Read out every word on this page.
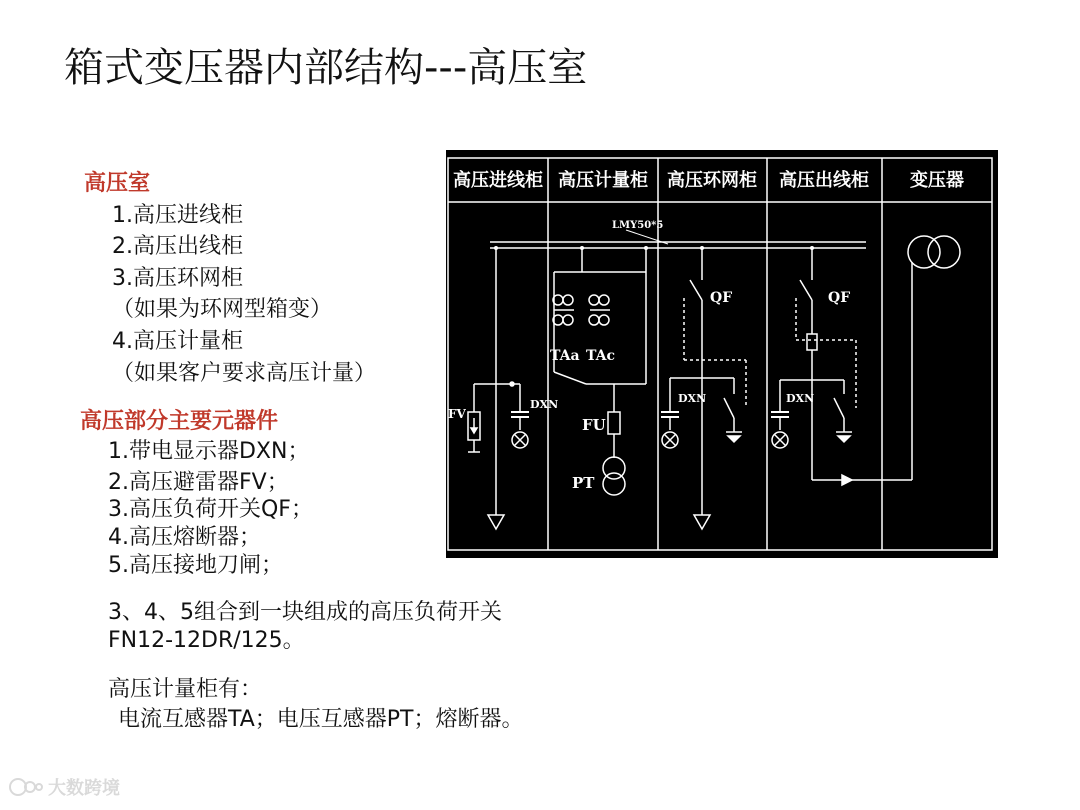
箱式变压器内部结构---高压室
高压室
1.高压进线柜
2.高压出线柜
3.高压环网柜
（如果为环网型箱变）
4.高压计量柜
（如果客户要求高压计量）
高压部分主要元器件
1.带电显示器DXN；
2.高压避雷器FV；
3.高压负荷开关QF；
4.高压熔断器；
5.高压接地刀闸；
3、4、5组合到一块组成的高压负荷开关
FN12-12DR/125。
高压计量柜有：
电流互感器TA；电压互感器PT；熔断器。
高压进线柜 高压计量柜 高压环网柜 高压出线柜 变压器
LMY50*5
FV
DXN
TAa TAc
FU
PT
QF
DXN
QF
DXN
大数跨境
